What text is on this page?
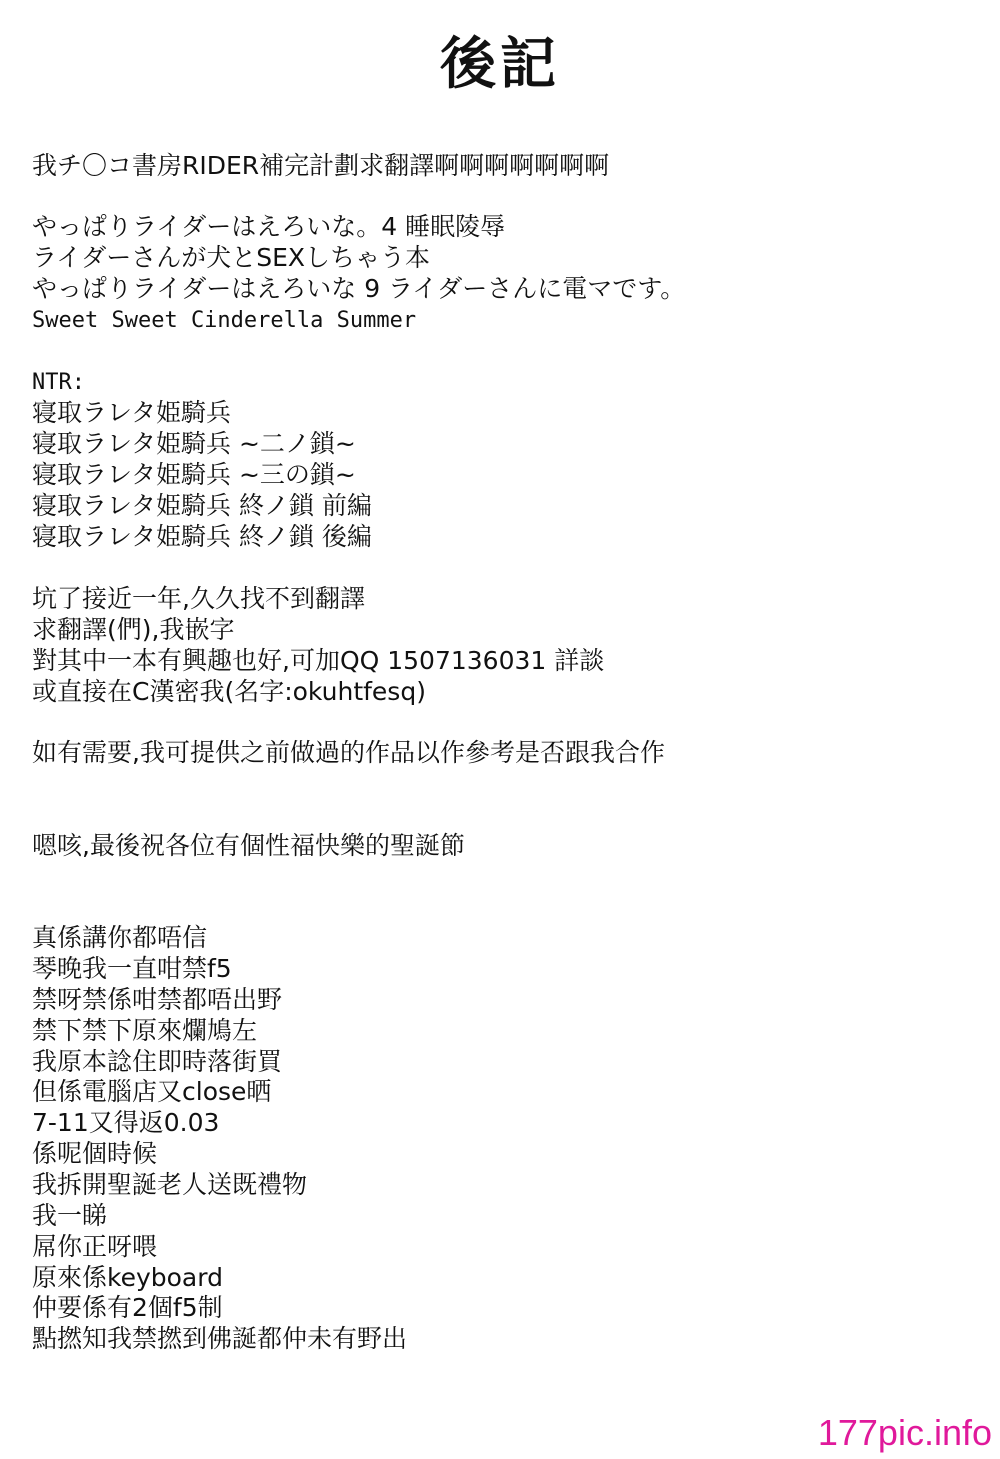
後記
我チ〇コ書房RIDER補完計劃求翻譯啊啊啊啊啊啊啊
やっぱりライダーはえろいな。4 睡眠陵辱
ライダーさんが犬とSEXしちゃう本
やっぱりライダーはえろいな 9 ライダーさんに電マです。
Sweet Sweet Cinderella Summer
NTR:
寝取ラレタ姫騎兵
寝取ラレタ姫騎兵 ~二ノ鎖~
寝取ラレタ姫騎兵 ~三の鎖~
寝取ラレタ姫騎兵 終ノ鎖 前編
寝取ラレタ姫騎兵 終ノ鎖 後編
坑了接近一年,久久找不到翻譯
求翻譯(們),我嵌字
對其中一本有興趣也好,可加QQ 1507136031 詳談
或直接在C漢密我(名字:okuhtfesq)
如有需要,我可提供之前做過的作品以作參考是否跟我合作
嗯咳,最後祝各位有個性福快樂的聖誕節
真係講你都唔信
琴晚我一直咁禁f5
禁呀禁係咁禁都唔出野
禁下禁下原來爛鳩左
我原本諗住即時落街買
但係電腦店又close晒
7-11又得返0.03
係呢個時候
我拆開聖誕老人送既禮物
我一睇
屌你正呀喂
原來係keyboard
仲要係有2個f5制
點撚知我禁撚到佛誕都仲未有野出
177pic.info
